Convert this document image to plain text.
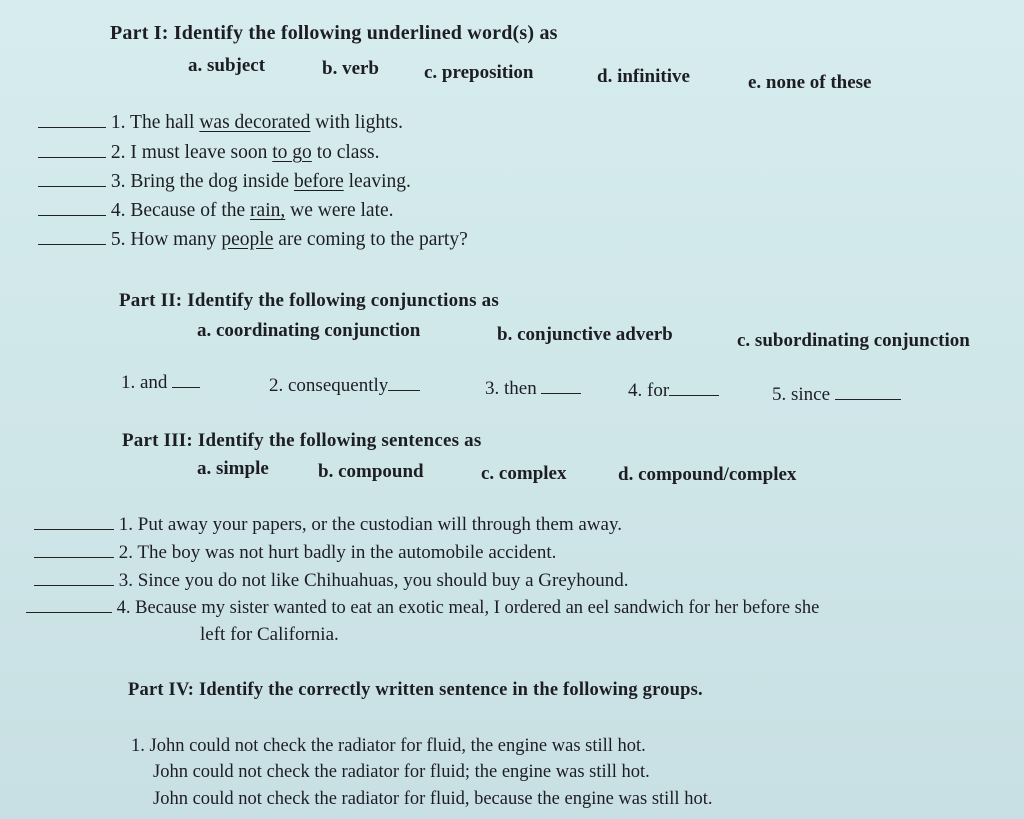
Part I: Identify the following underlined word(s) as
a. subject	b. verb c. preposition	d. infinitive	e. none of these
1. The hall was decorated with lights.
2. I must leave soon to go to class.
3. Bring the dog inside before leaving.
4. Because of the rain, we were late.
5. How many people are coming to the party?
Part II: Identify the following conjunctions as
a. coordinating conjunction	b. conjunctive adverb	c. subordinating conjunction
1. and	2. consequently	3. then	4. for	5. since
Part III: Identify the following sentences as
a. simple	b. compound	c. complex	d. compound/complex
1. Put away your papers, or the custodian will through them away.
2. The boy was not hurt badly in the automobile accident.
3. Since you do not like Chihuahuas, you should buy a Greyhound.
4. Because my sister wanted to eat an exotic meal, I ordered an eel sandwich for her before she
left for California.
Part IV: Identify the correctly written sentence in the following groups.
1. John could not check the radiator for fluid, the engine was still hot.
John could not check the radiator for fluid; the engine was still hot.
John could not check the radiator for fluid, because the engine was still hot.
